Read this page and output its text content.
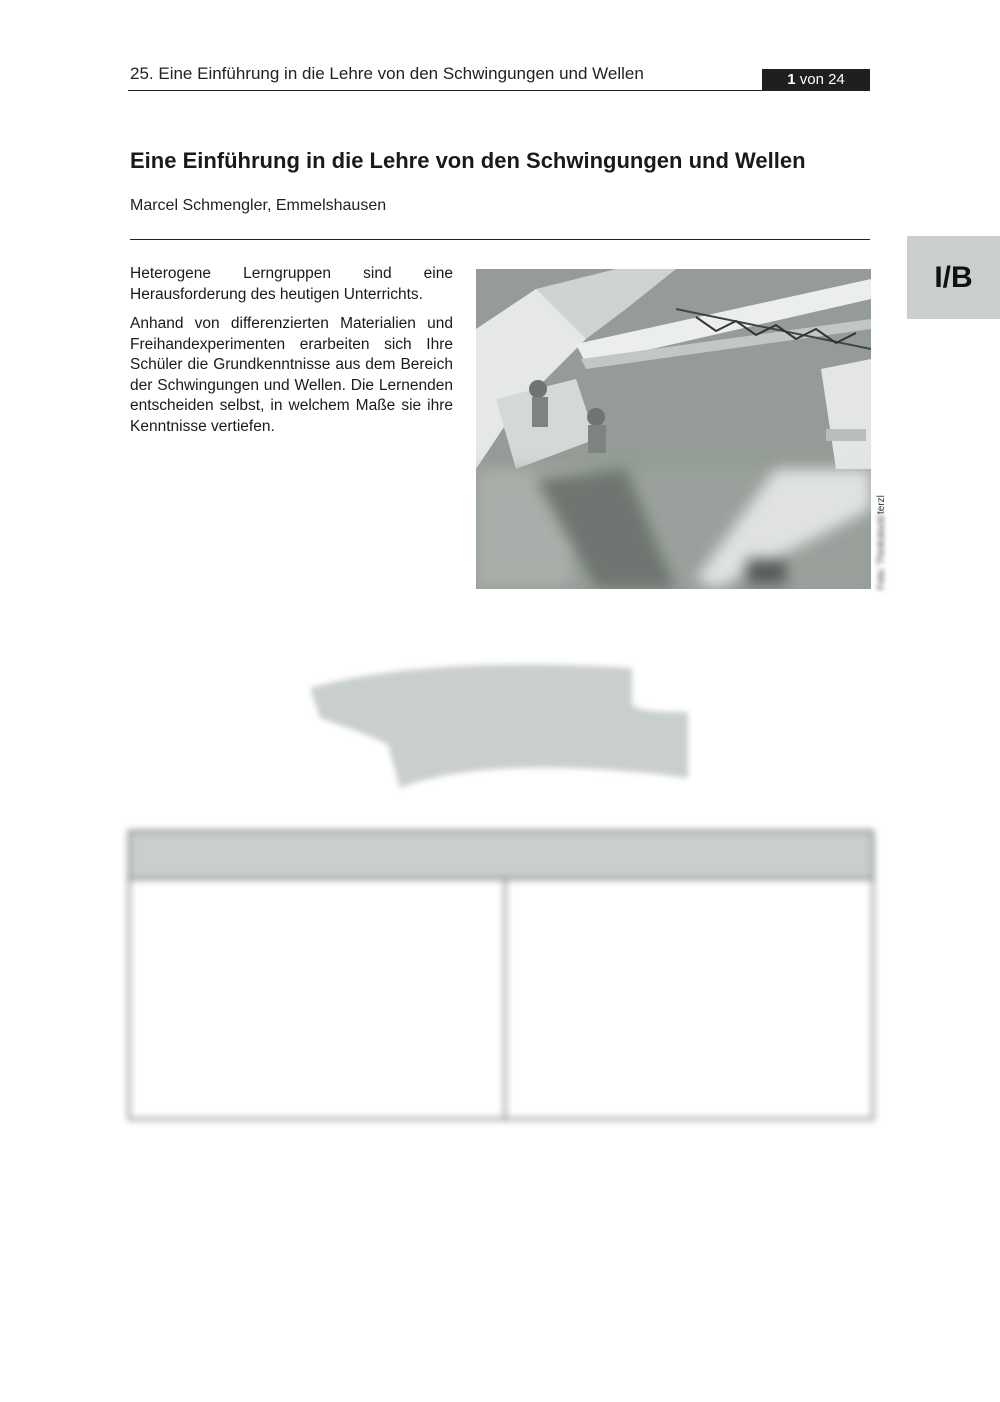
25. Eine Einführung in die Lehre von den Schwingungen und Wellen	1 von 24
Eine Einführung in die Lehre von den Schwingungen und Wellen
Marcel Schmengler, Emmelshausen
I/B

Heterogene Lerngruppen sind eine Herausforderung des heutigen Unterrichts.

Anhand von differenzierten Materialien und Freihandexperimenten erarbeiten sich Ihre Schüler die Grundkenntnisse aus dem Bereich der Schwingungen und Wellen. Die Lernenden entscheiden selbst, in welchem Maße sie ihre Kenntnisse vertiefen.

Foto: Thinkstock/terzl
